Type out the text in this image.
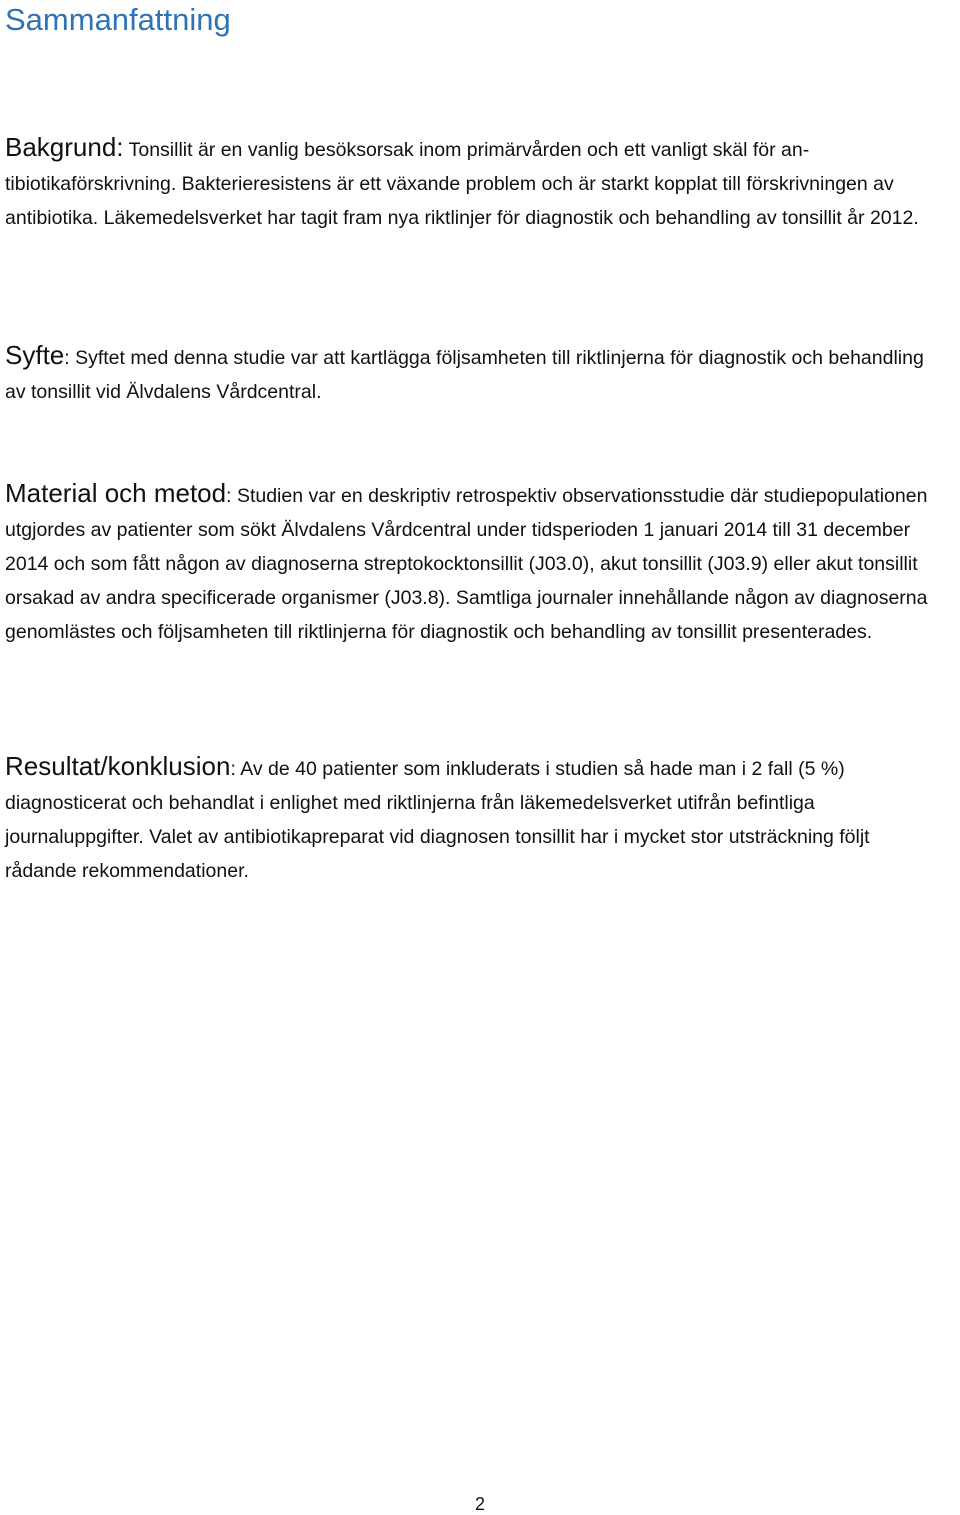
Sammanfattning

Bakgrund: Tonsillit är en vanlig besöksorsak inom primärvården och ett vanligt skäl för antibiotikaförskrivning. Bakterieresistens är ett växande problem och är starkt kopplat till förskrivningen av antibiotika. Läkemedelsverket har tagit fram nya riktlinjer för diagnostik och behandling av tonsillit år 2012.

Syfte: Syftet med denna studie var att kartlägga följsamheten till riktlinjerna för diagnostik och behandling av tonsillit vid Älvdalens Vårdcentral.

Material och metod: Studien var en deskriptiv retrospektiv observationsstudie där studiepopulationen utgjordes av patienter som sökt Älvdalens Vårdcentral under tidsperioden 1 januari 2014 till 31 december 2014 och som fått någon av diagnoserna streptokocktonsillit (J03.0), akut tonsillit (J03.9) eller akut tonsillit orsakad av andra specificerade organismer (J03.8). Samtliga journaler innehållande någon av diagnoserna genomlästes och följsamheten till riktlinjerna för diagnostik och behandling av tonsillit presenterades.

Resultat/konklusion: Av de 40 patienter som inkluderats i studien så hade man i 2 fall (5 %) diagnosticerat och behandlat i enlighet med riktlinjerna från läkemedelsverket utifrån befintliga journaluppgifter. Valet av antibiotikapreparat vid diagnosen tonsillit har i mycket stor utsträckning följt rådande rekommendationer.

2
